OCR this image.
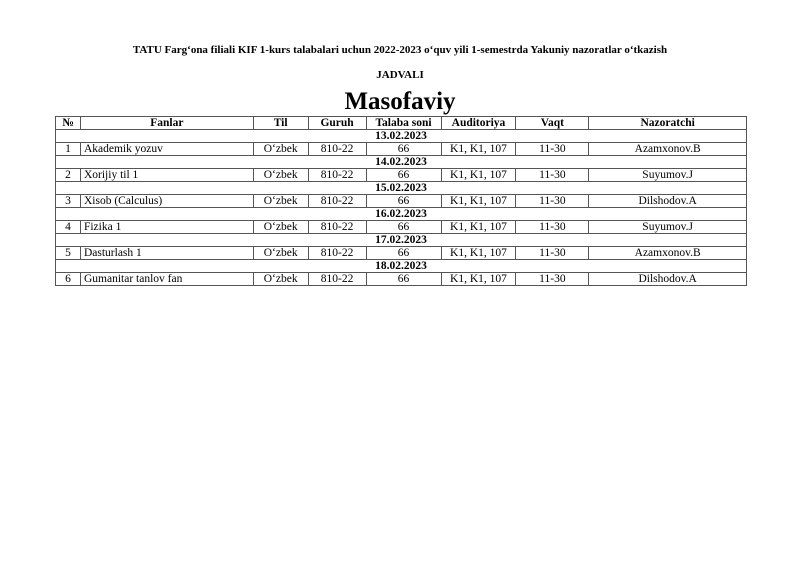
TATU Farg‘ona filiali KIF 1-kurs talabalari uchun 2022-2023 o‘quv yili 1-semestrda Yakuniy nazoratlar o‘tkazish
JADVALI
Masofaviy
№	Fanlar	Til	Guruh	Talaba soni	Auditoriya	Vaqt	Nazoratchi
13.02.2023							
1	Akademik yozuv	O‘zbek	810-22	66	K1, K1, 107	11-30	Azamxonov.B
14.02.2023							
2	Xorijiy til 1	O‘zbek	810-22	66	K1, K1, 107	11-30	Suyumov.J
15.02.2023							
3	Xisob (Calculus)	O‘zbek	810-22	66	K1, K1, 107	11-30	Dilshodov.A
16.02.2023							
4	Fizika 1	O‘zbek	810-22	66	K1, K1, 107	11-30	Suyumov.J
17.02.2023							
5	Dasturlash 1	O‘zbek	810-22	66	K1, K1, 107	11-30	Azamxonov.B
18.02.2023							
6	Gumanitar tanlov fan	O‘zbek	810-22	66	K1, K1, 107	11-30	Dilshodov.A
